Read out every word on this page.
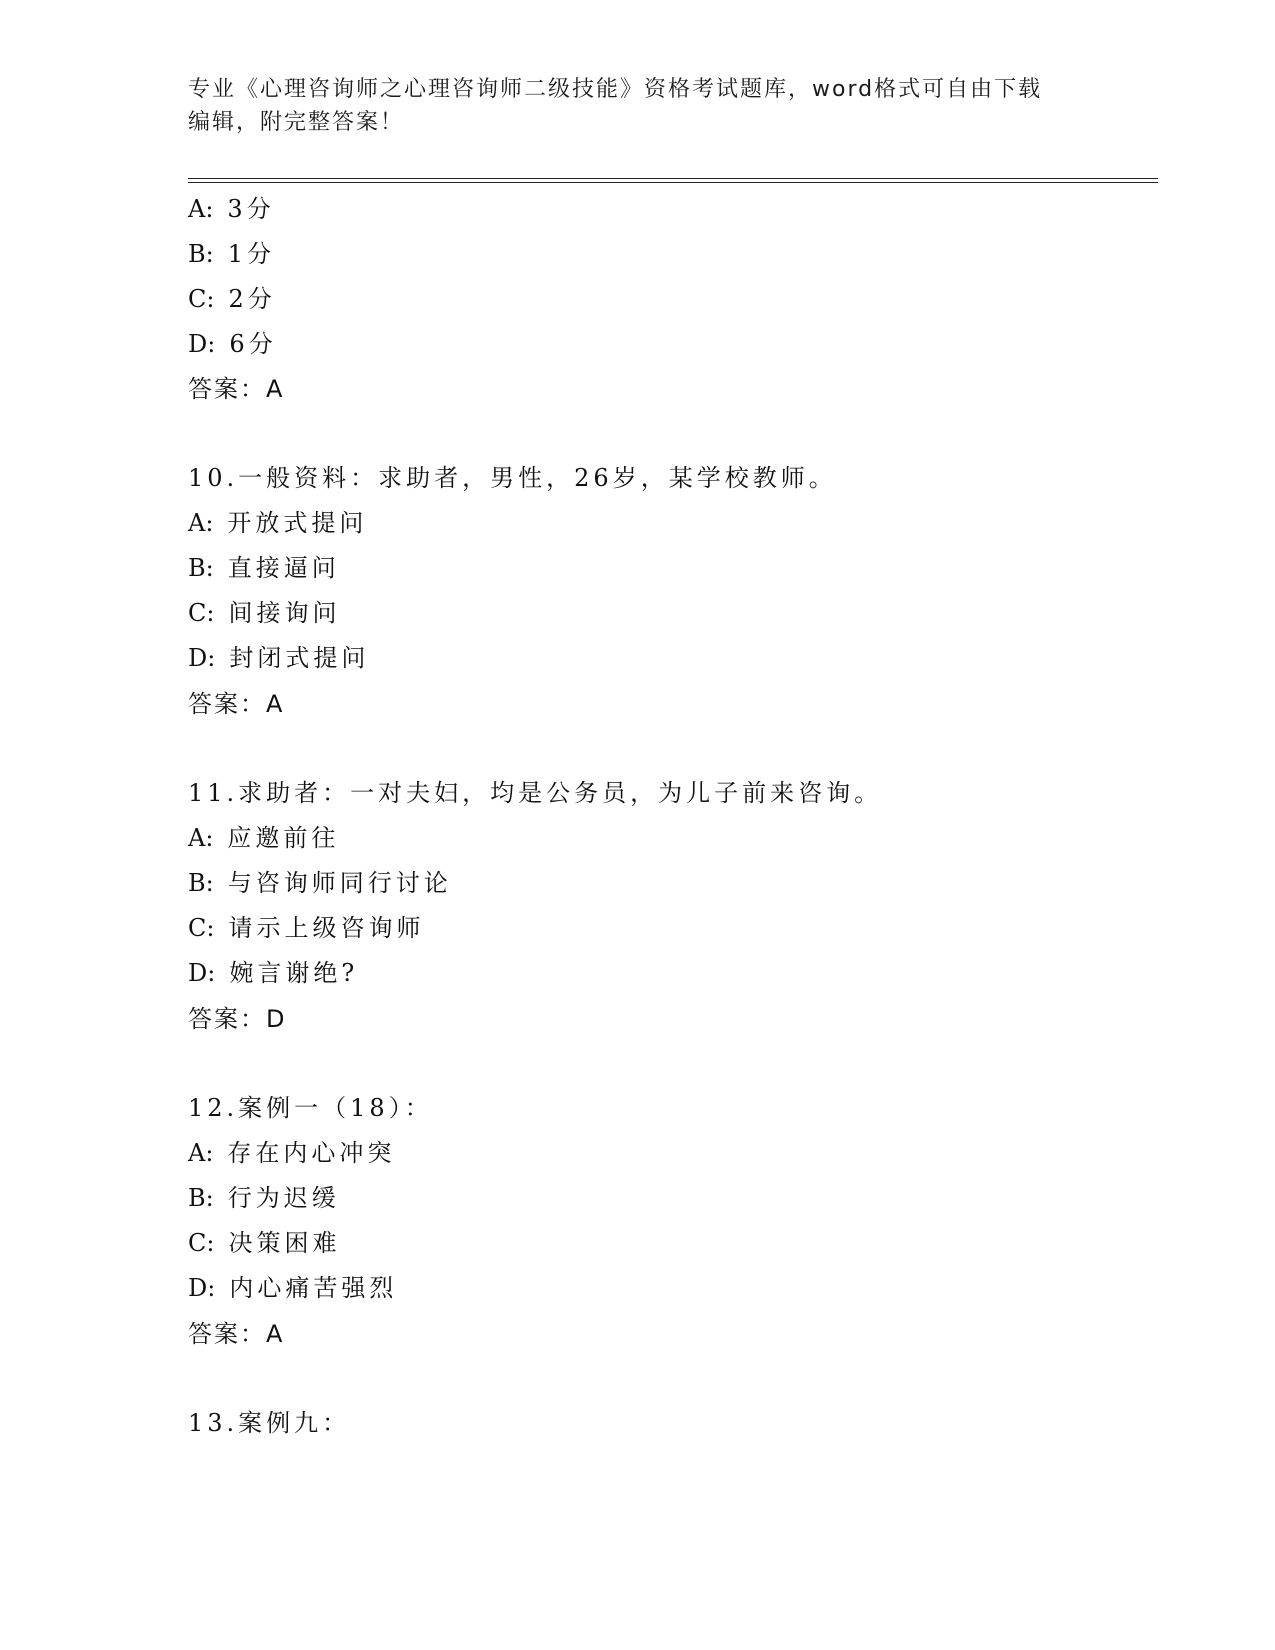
专业《心理咨询师之心理咨询师二级技能》资格考试题库，word格式可自由下载
编辑，附完整答案！
A: 3分
B: 1分
C: 2分
D: 6分
答案：A
10.一般资料：求助者，男性，26岁，某学校教师。
A: 开放式提问
B: 直接逼问
C: 间接询问
D: 封闭式提问
答案：A
11.求助者：一对夫妇，均是公务员，为儿子前来咨询。
A: 应邀前往
B: 与咨询师同行讨论
C: 请示上级咨询师
D: 婉言谢绝?
答案：D
12.案例一（18）：
A: 存在内心冲突
B: 行为迟缓
C: 决策困难
D: 内心痛苦强烈
答案：A
13.案例九：
